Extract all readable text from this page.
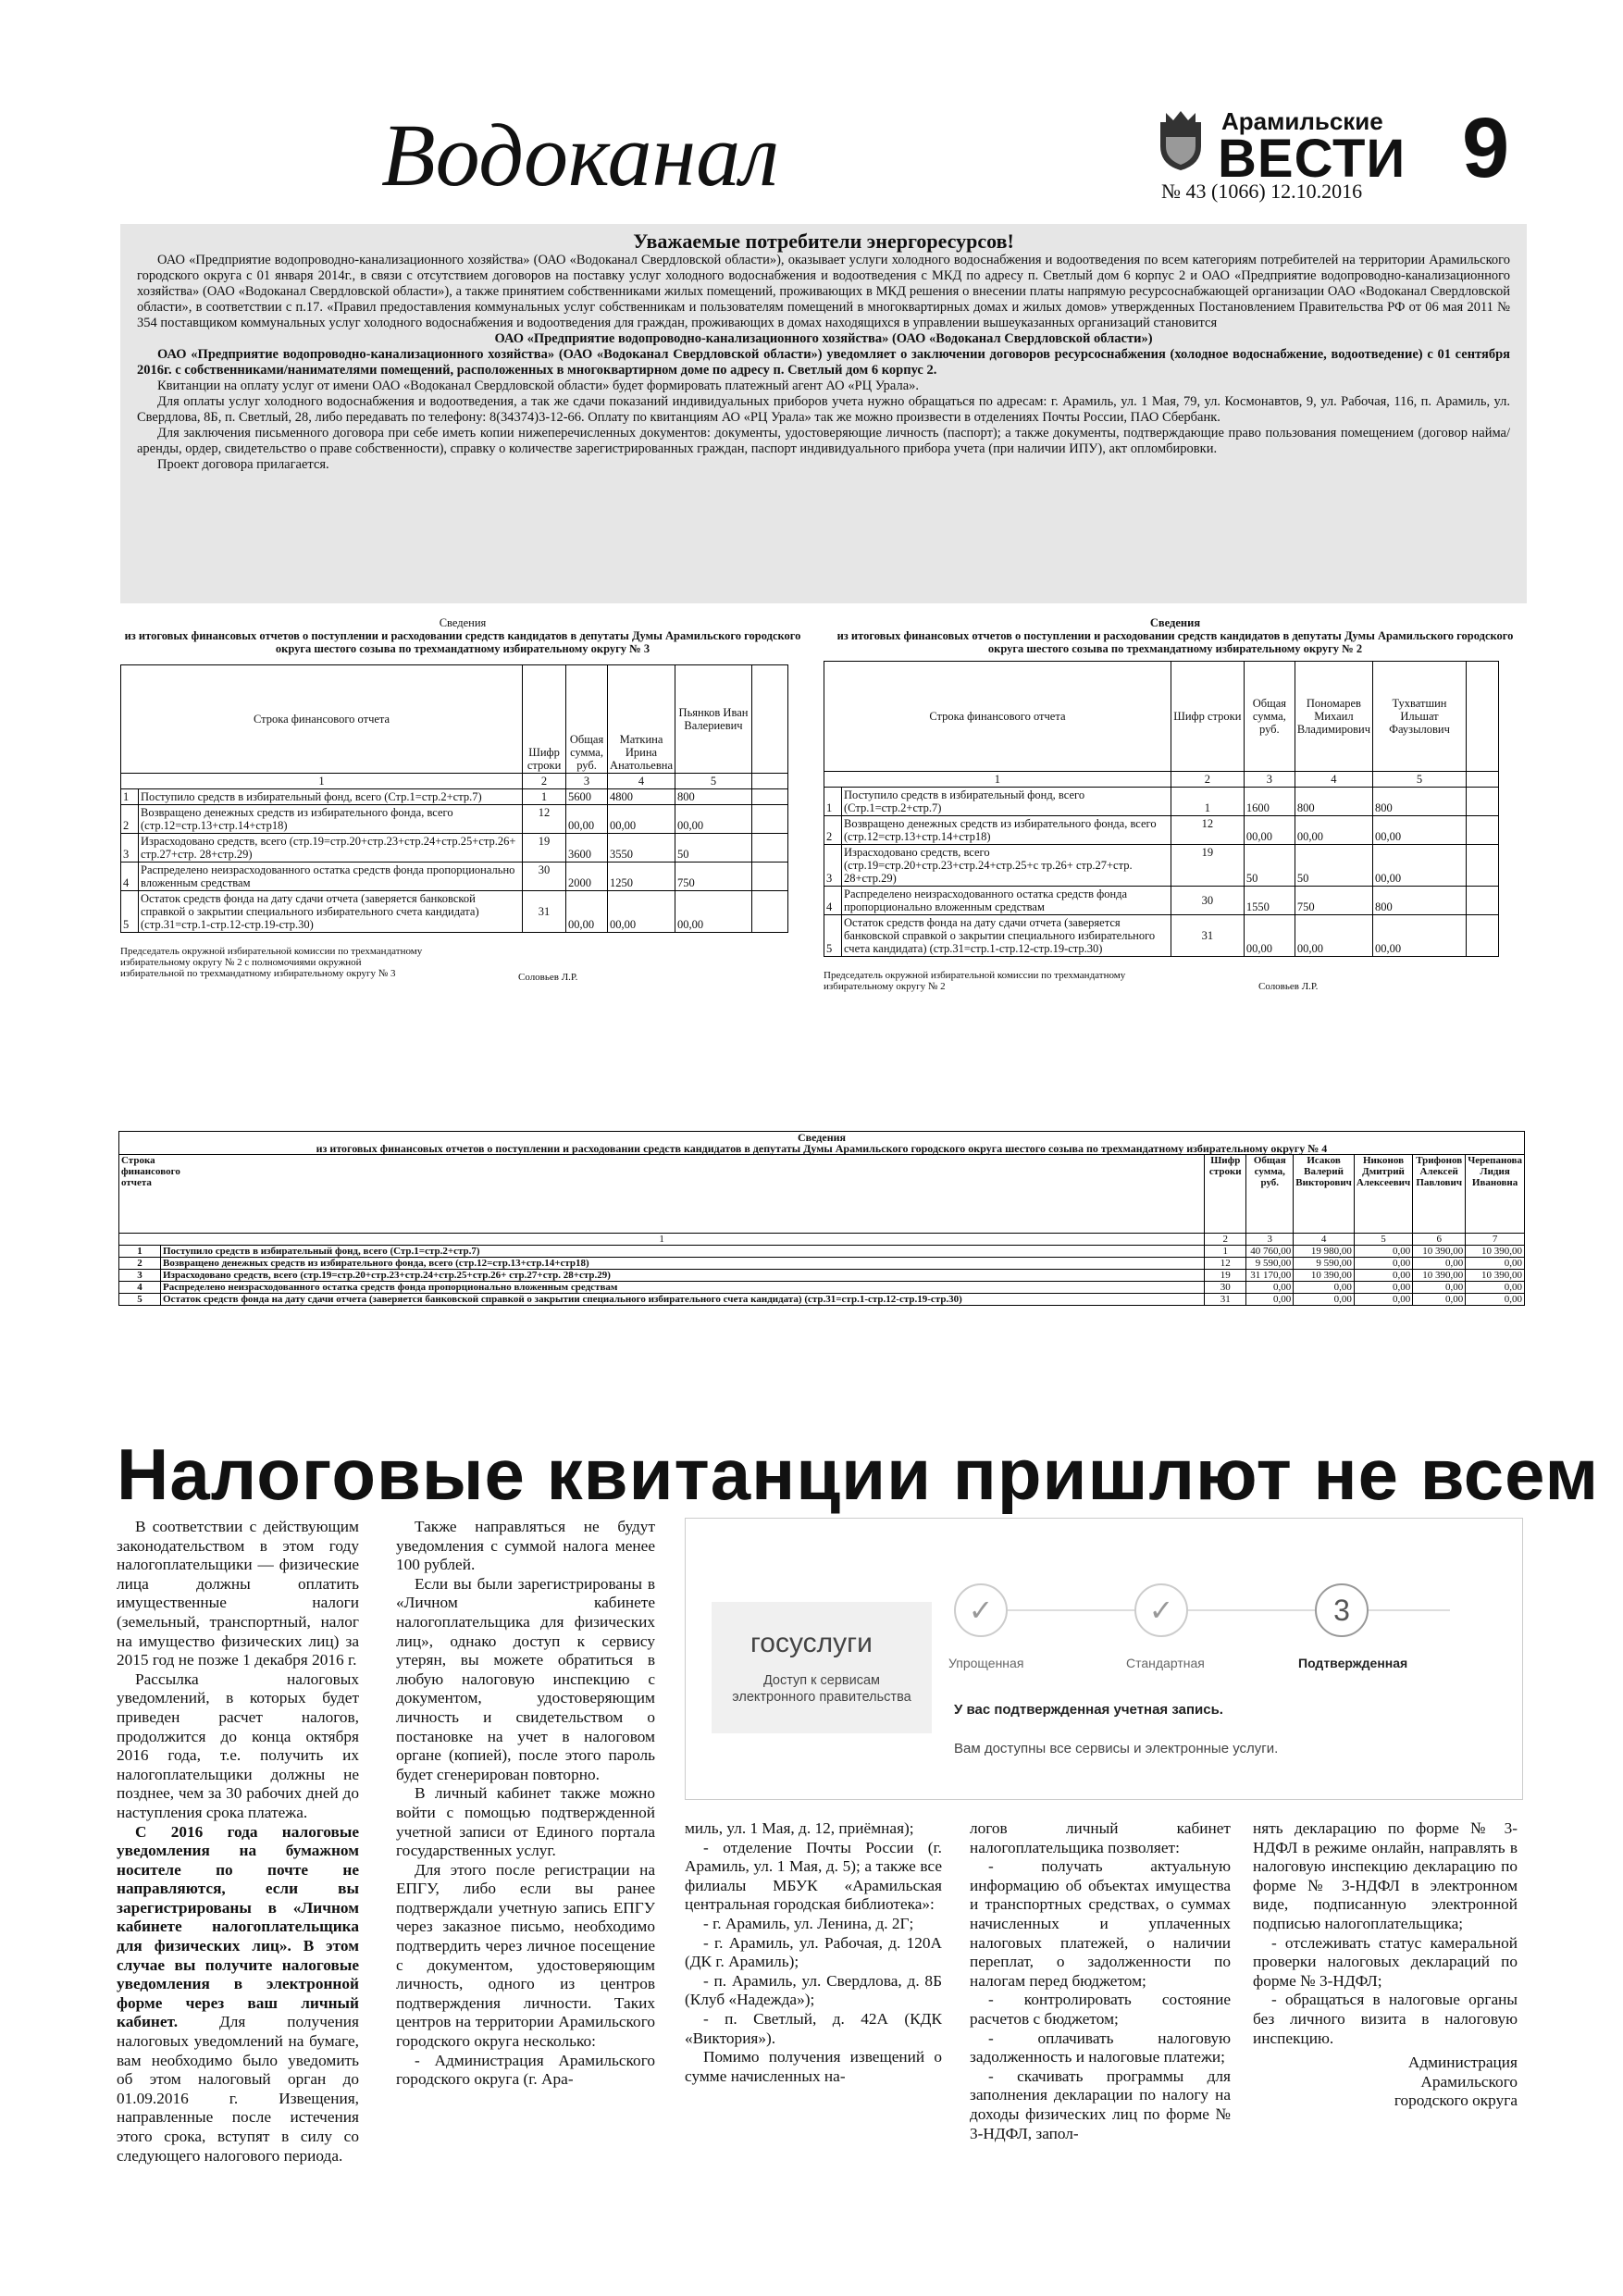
Водоканал	Арамильские
ВЕСТИ
№ 43 (1066) 12.10.2016 9
Уважаемые потребители энергоресурсов!

ОАО «Предприятие водопроводно-канализационного хозяйства» (ОАО «Водоканал Свердловской области»), оказывает услуги холодного водоснабжения и водоотведения по всем категориям потребителей на территории Арамильского городского округа с 01 января 2014г., в связи с отсутствием договоров на поставку услуг холодного водоснабжения и водоотведения с МКД по адресу п. Светлый дом 6 корпус 2 и ОАО «Предприятие водопроводно-канализационного хозяйства» (ОАО «Водоканал Свердловской области»), а также принятием собственниками жилых помещений, проживающих в МКД решения о внесении платы напрямую ресурсоснабжающей организации ОАО «Водоканал Свердловской области», в соответствии с п.17. «Правил предоставления коммунальных услуг собственникам и пользователям помещений в многоквартирных домах и жилых домов» утвержденных Постановлением Правительства РФ от 06 мая 2011 № 354 поставщиком коммунальных услуг холодного водоснабжения и водоотведения для граждан, проживающих в домах находящихся в управлении вышеуказанных организаций становится

ОАО «Предприятие водопроводно-канализационного хозяйства» (ОАО «Водоканал Свердловской области»)

ОАО «Предприятие водопроводно-канализационного хозяйства» (ОАО «Водоканал Свердловской области») уведомляет о заключении договоров ресурсоснабжения (холодное водоснабжение, водоотведение) с 01 сентября 2016г. с собственниками/нанимателями помещений, расположенных в многоквартирном доме по адресу п. Светлый дом 6 корпус 2.

Квитанции на оплату услуг от имени ОАО «Водоканал Свердловской области» будет формировать платежный агент АО «РЦ Урала».

Для оплаты услуг холодного водоснабжения и водоотведения, а так же сдачи показаний индивидуальных приборов учета нужно обращаться по адресам: г. Арамиль, ул. 1 Мая, 79, ул. Космонавтов, 9, ул. Рабочая, 116, п. Арамиль, ул. Свердлова, 8Б, п. Светлый, 28, либо передавать по телефону: 8(34374)3-12-66. Оплату по квитанциям АО «РЦ Урала» так же можно произвести в отделениях Почты России, ПАО Сбербанк.

Для заключения письменного договора при себе иметь копии нижеперечисленных документов: документы, удостоверяющие личность (паспорт); а также документы, подтверждающие право пользования помещением (договор найма/аренды, ордер, свидетельство о праве собственности), справку о количестве зарегистрированных граждан, паспорт индивидуального прибора учета (при наличии ИПУ), акт опломбировки.

Проект договора прилагается.

Сведения
из итоговых финансовых отчетов о поступлении и расходовании средств кандидатов в депутаты Думы Арамильского городского округа шестого созыва по трехмандатному избирательному округу № 3
Строка финансового отчета		Шифр строки	Общая сумма, руб.	Маткина Ирина Анатольевна	Пьянков Иван Валериевич	
1		2	3	4	5	
1	Поступило средств в избирательный фонд, всего (Стр.1=стр.2+стр.7)	1	5600	4800	800	
2	Возвращено денежных средств из избирательного фонда, всего (стр.12=стр.13+стр.14+стр18)	12	00,00	00,00	00,00	
3	Израсходовано средств, всего (стр.19=стр.20+стр.23+стр.24+стр.25+стр.26+ стр.27+стр. 28+стр.29)	19	3600	3550	50	
4	Распределено неизрасходованного остатка средств фонда пропорционально вложенным средствам	30	2000	1250	750	
5	Остаток средств фонда на дату сдачи отчета (заверяется банковской справкой о закрытии специального избирательного счета кандидата) (стр.31=стр.1-стр.12-стр.19-стр.30)	31	00,00	00,00	00,00	
Председатель окружной избирательной комиссии по трехмандатному избирательному округу № 2 с полномочиями окружной избирательной по трехмандатному избирательному округу № 3	Соловьев Л.Р.
Сведения
из итоговых финансовых отчетов о поступлении и расходовании средств кандидатов в депутаты Думы Арамильского городского округа шестого созыва по трехмандатному избирательному округу № 2
Строка финансового отчета		Шифр строки	Общая сумма, руб.	Пономарев Михаил Владимирович	Тухватшин Ильшат Фаузылович	
1		2	3	4	5	
1	Поступило средств в избирательный фонд, всего (Стр.1=стр.2+стр.7)	1	1600	800	800	
2	Возвращено денежных средств из избирательного фонда, всего (стр.12=стр.13+стр.14+стр18)	12	00,00	00,00	00,00	
3	Израсходовано средств, всего (стр.19=стр.20+стр.23+стр.24+стр.25+с тр.26+ стр.27+стр. 28+стр.29)	19	50	50	00,00	
4	Распределено неизрасходованного остатка средств фонда пропорционально вложенным средствам	30	1550	750	800	
5	Остаток средств фонда на дату сдачи отчета (заверяется банковской справкой о закрытии специального избирательного счета кандидата) (стр.31=стр.1-стр.12-стр.19-стр.30)	31	00,00	00,00	00,00	
Председатель окружной избирательной комиссии по трехмандатному избирательному округу № 2	Соловьев Л.Р.
Сведения
из итоговых финансовых отчетов о поступлении и расходовании средств кандидатов в депутаты Думы Арамильского городского округа шестого созыва по трехмандатному избирательному округу № 4							

Строка финансового отчета		Шифр строки	Общая сумма, руб.	Исаков Валерий Викторович	Никонов Дмитрий Алексеевич	Трифонов Алексей Павлович	Черепанова Лидия Ивановна
1		2	3	4	5	6	7
1	Поступило средств в избирательный фонд, всего (Стр.1=стр.2+стр.7)	1	40 760,00	19 980,00	0,00	10 390,00	10 390,00
2	Возвращено денежных средств из избирательного фонда, всего (стр.12=стр.13+стр.14+стр18)	12	9 590,00	9 590,00	0,00	0,00	0,00
3	Израсходовано средств, всего (стр.19=стр.20+стр.23+стр.24+стр.25+стр.26+ стр.27+стр. 28+стр.29)	19	31 170,00	10 390,00	0,00	10 390,00	10 390,00
4	Распределено неизрасходованного остатка средств фонда пропорционально вложенным средствам	30	0,00	0,00	0,00	0,00	0,00
5	Остаток средств фонда на дату сдачи отчета (заверяется банковской справкой о закрытии специального избирательного счета кандидата) (стр.31=стр.1-стр.12-стр.19-стр.30)	31	0,00	0,00	0,00	0,00	0,00
Налоговые квитанции пришлют не всем

В соответствии с действующим законодательством в этом году налогоплательщики — физические лица должны оплатить имущественные налоги (земельный, транспортный, налог на имущество физических лиц) за 2015 год не позже 1 декабря 2016 г.

Рассылка налоговых уведомлений, в которых будет приведен расчет налогов, продолжится до конца октября 2016 года, т.е. получить их налогоплательщики должны не позднее, чем за 30 рабочих дней до наступления срока платежа.

С 2016 года налоговые уведомления на бумажном носителе по почте не направляются, если вы зарегистрированы в «Личном кабинете налогоплательщика для физических лиц». В этом случае вы получите налоговые уведомления в электронной форме через ваш личный кабинет. Для получения налоговых уведомлений на бумаге, вам необходимо было уведомить об этом налоговый орган до 01.09.2016 г. Извещения, направленные после истечения этого срока, вступят в силу со следующего налогового периода.

Также направляться не будут уведомления с суммой налога менее 100 рублей.

Если вы были зарегистрированы в «Личном кабинете налогоплательщика для физических лиц», однако доступ к сервису утерян, вы можете обратиться в любую налоговую инспекцию с документом, удостоверяющим личность и свидетельством о постановке на учет в налоговом органе (копией), после этого пароль будет сгенерирован повторно.

В личный кабинет также можно войти с помощью подтвержденной учетной записи от Единого портала государственных услуг.

Для этого после регистрации на ЕПГУ, либо если вы ранее подтверждали учетную запись ЕПГУ через заказное письмо, необходимо подтвердить через личное посещение с документом, удостоверяющим личность, одного из центров подтверждения личности. Таких центров на территории Арамильского городского округа несколько:

- Администрация Арамильского городского округа (г. Ара-

госуслуги
Доступ к сервисам
электронного правительства
✓	✓	3
Упрощенная	Стандартная	Подтвержденная
У вас подтвержденная учетная запись.
Вам доступны все сервисы и электронные услуги.

миль, ул. 1 Мая, д. 12, приёмная);

- отделение Почты России (г. Арамиль, ул. 1 Мая, д. 5); а также все филиалы МБУК «Арамильская центральная городская библиотека»:

- г. Арамиль, ул. Ленина, д. 2Г;

- г. Арамиль, ул. Рабочая, д. 120А (ДК г. Арамиль);

- п. Арамиль, ул. Свердлова, д. 8Б (Клуб «Надежда»);

- п. Светлый, д. 42А (КДК «Виктория»).

Помимо получения извещений о сумме начисленных на-

логов личный кабинет налогоплательщика позволяет:

- получать актуальную информацию об объектах имущества и транспортных средствах, о суммах начисленных и уплаченных налоговых платежей, о наличии переплат, о задолженности по налогам перед бюджетом;

- контролировать состояние расчетов с бюджетом;

- оплачивать налоговую задолженность и налоговые платежи;

- скачивать программы для заполнения декларации по налогу на доходы физических лиц по форме № 3-НДФЛ, запол-

нять декларацию по форме № 3-НДФЛ в режиме онлайн, направлять в налоговую инспекцию декларацию по форме № 3-НДФЛ в электронном виде, подписанную электронной подписью налогоплательщика;

- отслеживать статус камеральной проверки налоговых деклараций по форме № 3-НДФЛ;

- обращаться в налоговые органы без личного визита в налоговую инспекцию.

Администрация
Арамильского
городского округа
